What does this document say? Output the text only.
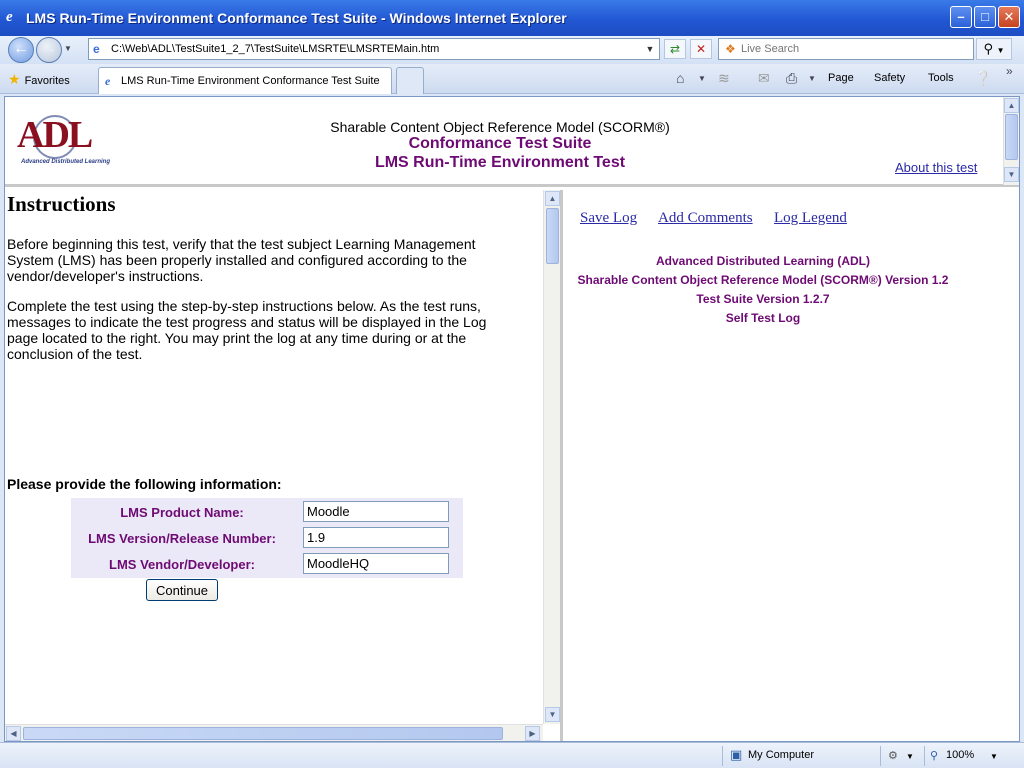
e LMS Run-Time Environment Conformance Test Suite - Windows Internet Explorer	–	□	✕
← → ▼ e	C:\Web\ADL\TestSuite1_2_7\TestSuite\LMSRTE\LMSRTEMain.htm	▼	⇄	✕	❖
Live Search	⚲ ▼
★ Favorites	e LMS Run-Time Environment Conformance Test Suite	⌂ ▼ ≋ ✉ ⎙ ▼ Page Safety Tools ❔ »
ADL
Advanced Distributed Learning
Sharable Content Object Reference Model (SCORM®)
Conformance Test Suite
LMS Run-Time Environment Test	About this test
▲
▼
Instructions
Before beginning this test, verify that the test subject Learning Management System (LMS) has been properly installed and configured according to the vendor/developer's instructions.
Complete the test using the step-by-step instructions below. As the test runs, messages to indicate the test progress and status will be displayed in the Log page located to the right. You may print the log at any time during or at the conclusion of the test.
Please provide the following information:
LMS Product Name:
Moodle
LMS Version/Release Number:
1.9
LMS Vendor/Developer:
MoodleHQ
Continue
▲
▼
◀	▶
Save Log Add Comments Log Legend
Advanced Distributed Learning (ADL)
Sharable Content Object Reference Model (SCORM®) Version 1.2
Test Suite Version 1.2.7
Self Test Log
▣ My Computer	⚙ ▼ ⚲ 100% ▼
